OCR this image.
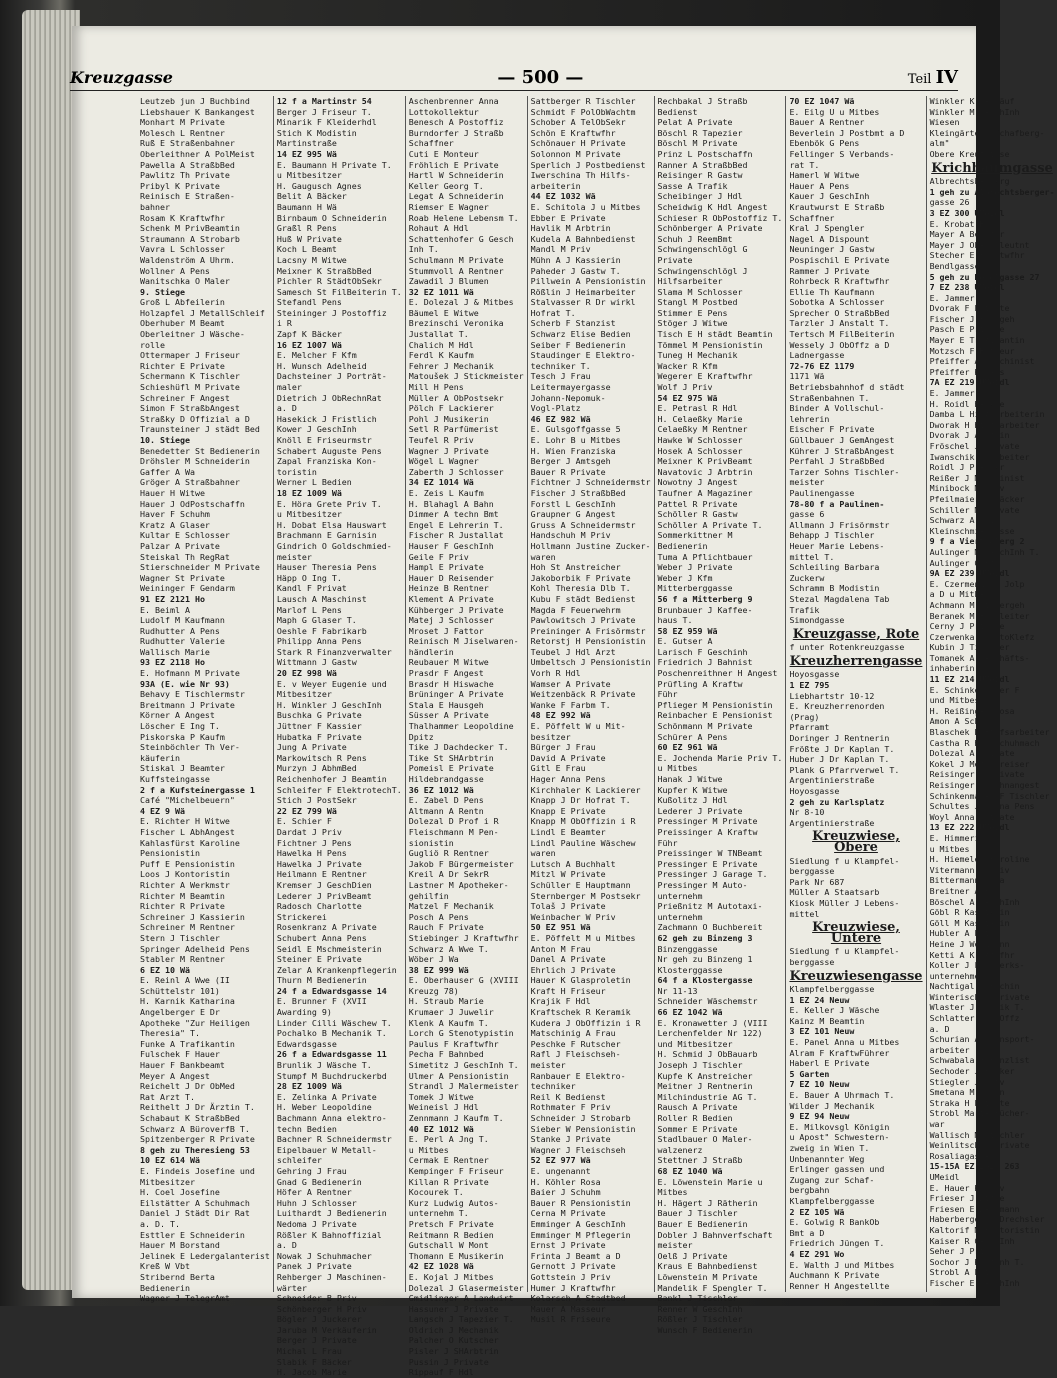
Kreuzgasse	— 500 —	Teil IV
Leutzeb jun J Buchbind
Liebshauer K Bankangest
Monhart M Private
Molesch L Rentner
Ruß E Straßenbahner
Oberleithner A PolMeist
Pawella A StraßbBed
Pawlitz Th Private
Pribyl K Private
Reinisch E Straßen-
bahner
Rosam K Kraftwfhr
Schenk M PrivBeamtin
Straumann A Strobarb
Vavra L Schlosser
Waldenström A Uhrm.
Wollner A Pens
Wanitschka O Maler
9. Stiege
Groß L Abfeilerin
Holzapfel J MetallSchleif
Oberhuber M Beamt
Oberleitner J Wäsche-
rolle
Ottermaper J Friseur
Richter E Private
Schermann K Tischler
Schieshüfl M Private
Schreiner F Angest
Simon F StraßbAngest
Straßky D Offizial a D
Traunsteiner J städt Bed
10. Stiege
Benedetter St Bedienerin
Dröhsler M Schneiderin
Gaffer A Wa
Gröger A Straßbahner
Hauer H Witwe
Hauer J OdPostschaffn
Haver F Schuhm
Kratz A Glaser
Kultar E Schlosser
Palzar A Private
Steiskal Th RegRat
Stierschneider M Private
Wagner St Private
Weininger F Gendarm
91 EZ 2121 Ho
E. Beiml A
Ludolf M Kaufmann
Rudhutter A Pens
Rudhutter Valerie
Wallisch Marie
93 EZ 2118 Ho
E. Hofmann M Private
93A (E. wie Nr 93)
Behavy E Tischlermstr
Breitmann J Private
Körner A Angest
Löscher E Ing T.
Piskorska P Kaufm
Steinböchler Th Ver-
käuferin
Stiskal J Beamter
Kuffsteingasse
2 f a Kufsteinergasse 1
Café "Michelbeuern"
4 EZ 9 Wä
E. Richter H Witwe
Fischer L AbhAngest
Kahlasfürst Karoline
Pensionistin
Puff E Pensionistin
Loos J Kontoristin
Richter A Werkmstr
Richter M Beamtin
Richter R Private
Schreiner J Kassierin
Schreiner M Rentner
Stern J Tischler
Springer Adelheid Pens
Stabler M Rentner
6 EZ 10 Wä
E. Reinl A Wwe (II
Schüttelstr 101)
H. Karnik Katharina
Angelberger E Dr
Apotheke "Zur Heiligen
Theresia" T.
Funke A Trafikantin
Fulschek F Hauer
Hauer F Bankbeamt
Meyer A Angest
Reichelt J Dr ObMed
Rat Arzt T.
Reithelt J Dr Ärztin T.
Schabaut K StraßbBed
Schwarz A BüroverfB T.
Spitzenberger R Private
8 geh zu Theresieng 53
10 EZ 614 Wä
E. Findeis Josefine und
Mitbesitzer
H. Coel Josefine
Eilstätter A Schuhmach
Daniel J Städt Dir Rat
a. D. T.
Esttler E Schneiderin
Hauer M Borstand
Jelinek E Ledergalanterist
Kreß W Vbt
Stribernd Berta
Bedienerin
Wagner J TelegrAmt
12 f a Martinstr 54
Berger J Friseur T.
Minarik F Kleiderhdl
Stich K Modistin
Martinstraße
14 EZ 995 Wä
E. Baumann H Private T.
u Mitbesitzer
H. Gaugusch Agnes
Belit A Bäcker
Baumann H Wä
Birnbaum O Schneiderin
Graßl R Pens
Huß W Private
Koch L Beamt
Lacsny M Witwe
Meixner K StraßbBed
Pichler R StädtObSekr
Samesch St FilBeiterin T.
Stefandl Pens
Steininger J Postoffiz
i R
Zapf K Bäcker
16 EZ 1007 Wä
E. Melcher F Kfm
H. Wunsch Adelheid
Dachsteiner J Porträt-
maler
Dietrich J ObRechnRat
a. D
Hasekick J Fristlich
Kower J GeschInh
Knöll E Friseurmstr
Schabert Auguste Pens
Zapal Franziska Kon-
toristin
Werner L Bedien
18 EZ 1009 Wä
E. Höra Grete Priv T.
u Mitbesitzer
H. Dobat Elsa Hauswart
Brachmann E Garnisin
Gindrich O Goldschmied-
meister
Hauser Theresia Pens
Häpp O Ing T.
Kandl F Privat
Lausch A Maschinst
Marlof L Pens
Maph G Glaser T.
Oeshle F Fabrikarb
Philipp Anna Pens
Stark R Finanzverwalter
Wittmann J Gastw
20 EZ 998 Wä
E. v Weyer Eugenie und
Mitbesitzer
H. Winkler J GeschInh
Buschka G Private
Jüttner F Kassier
Hubatka F Private
Jung A Private
Markowitsch R Pens
Murzyn J AbhmBed
Reichenhofer J Beamtin
Schleifer F ElektrotechT.
Stich J PostSekr
22 EZ 799 Wä
E. Schier F
Dardat J Priv
Fichtner J Pens
Hawelka H Pens
Hawelka J Private
Heilmann E Rentner
Kremser J GeschDien
Lederer J PrivBeamt
Radosch Charlotte
Strickerei
Rosenkranz A Private
Schubert Anna Pens
Seidl E Mschmeisterin
Steiner E Private
Zelar A Krankenpflegerin
Thurn M Bedienerin
24 f a Edwardsgasse 14
E. Brunner F (XVII
Awarding 9)
Linder Cilli Wäschew T.
Pochalko B Mechanik T.
Edwardsgasse
26 f a Edwardsgasse 11
Brunlik J Wäsche T.
Stumpf M Buchdruckerbd
28 EZ 1009 Wä
E. Zelinka A Private
H. Weber Leopoldine
Bachmann Anna elektro-
techn Bedien
Bachner R Schneidermstr
Eipelbauer W Metall-
schleifer
Gehring J Frau
Gnad G Bedienerin
Höfer A Rentner
Huhn J Schlosser
Luithardt J Bedienerin
Nedoma J Private
Rößler K Bahnoffizial
a. D
Nowak J Schuhmacher
Panek J Private
Rehberger J Maschinen-
wärter
Schneider B Priv
Schönberger H Priv
Bögler J Juckerer
Jaruba M Verkäuferin
Berger J Private
Michal L Frau
Slabik F Bäcker
H. Jacob Marie
Aschenbrenner Anna
Lottokollektur
Benesch A Postoffiz
Burndorfer J Straßb
Schaffner
Cuti E Monteur
Fröhlich E Private
Hartl W Schneiderin
Keller Georg T.
Legat A Schneiderin
Riemser E Wagner
Roab Helene Lebensm T.
Rohaut A Hdl
Schattenhofer G Gesch
Inh T.
Schulmann M Private
Stummvoll A Rentner
Zawadil J Blumen
32 EZ 1011 Wä
E. Dolezal J & Mitbes
Bäumel E Witwe
Brezinschi Veronika
Justallat T.
Chalich M Hdl
Ferdl K Kaufm
Fehrer J Mechanik
Matoušek J Stickmeister
Mill H Pens
Müller A ObPostsekr
Pölch F Lackierer
Pohl J Musikerin
Setl R Parfümerist
Teufel R Priv
Wagner J Private
Wögel L Wagner
Zaberth J Schlosser
34 EZ 1014 Wä
E. Zeis L Kaufm
H. Blahagl A Bahn
Dimmer A techn Bmt
Engel E Lehrerin T.
Fischer R Justallat
Hauser F GeschInh
Geile F Priv
Hampl E Private
Hauer D Reisender
Heinze B Rentner
Klement A Private
Kühberger J Private
Matej J Schlosser
Mroset J Fattor
Reinisch M Jiselwaren-
händlerin
Reubauer M Witwe
Prasdr F Angest
Brasdr H Hiswache
Brüninger A Private
Stala E Hausgeh
Süsser A Private
Thalhammer Leopoldine
Dpitz
Tike J Dachdecker T.
Tike St SHArbtrin
Pomeisl E Private
Hildebrandgasse
36 EZ 1012 Wä
E. Zabel D Pens
Altmann A Rentn
Dolezal D Prof i R
Fleischmann M Pen-
sionistin
Gugliö R Rentner
Jakob F Bürgermeister
Kreil A Dr SekrR
Lastner M Apotheker-
gehilfin
Matzel F Mechanik
Posch A Pens
Rauch F Private
Stiebinger J Kraftwfhr
Schwarz A Wwe T.
Wöber J Wa
38 EZ 999 Wä
E. Oberhauser G (XVIII
Kreuzg 78)
H. Straub Marie
Krumaer J Juwelir
Klenk A Kaufm T.
Lorch G Stenotypistin
Paulus F Kraftwfhr
Pecha F Bahnbed
Simetitz J GeschInh T.
Ulmer A Pensionistin
Strandl J Malermeister
Tomek J Witwe
Weineisl J Hdl
Zennmann J Kaufm T.
40 EZ 1012 Wä
E. Perl A Jng T.
u Mitbes
Cermak E Rentner
Kempinger F Friseur
Killan R Private
Kocourek T.
Kurz Ludwig Autos-
unternehm T.
Pretsch F Private
Reitmann R Bedien
Gutschall W Mont
Thomann E Musikerin
42 EZ 1028 Wä
E. Kojal J Mitbes
Dolezal J Glasermeister
Gmidlinger A Landwirt
Hassuner J Private
Langsch J Tapezier T.
Oldrich J Mechanik
Palcher O Kutscher
Pisler J SHArbtrin
Pussin J Private
Rippauf F Hdl
Sattberger R Tischler
Schmidt F PolObWachtm
Schober A TelObSekr
Schön E Kraftwfhr
Schönauer H Private
Solonnon M Private
Sperlich J Postbedienst
Iwerschina Th Hilfs-
arbeiterin
44 EZ 1032 Wä
E. Schitola J u Mitbes
Ebber E Private
Havlik M Arbtrin
Kudela A Bahnbedienst
Mandl M Priv
Mühn A J Kassierin
Paheder J Gastw T.
Pillwein A Pensionistin
Rößlin J Heimarbeiter
Stalvasser R Dr wirkl
Hofrat T.
Scherb F Stanzist
Schwarz Elise Bedien
Seiber F Bedienerin
Staudinger E Elektro-
techniker T.
Tesch J Frau
Leitermayergasse
Johann-Nepomuk-
Vogl-Platz
46 EZ 982 Wä
E. Gulsgoffgasse 5
E. Lohr B u Mitbes
H. Wien Franziska
Berger J Amtsgeh
Bauer R Private
Fichtner J Schneidermstr
Fischer J StraßbBed
Forstl L GeschInh
Graupner G Angest
Gruss A Schneidermstr
Handschuh M Priv
Hollmann Justine Zucker-
waren
Hoh St Anstreicher
Jakoborbik F Private
Kohl Theresia Dlb T.
Kubu F städt Bedienst
Magda F Feuerwehrm
Pawlowitsch J Private
Preininger A Frisörmstr
Retorstj H Pensionistin
Teubel J Hdl Arzt
Umbeltsch J Pensionistin
Vorh R Hdl
Wamser A Private
Weitzenbäck R Private
Wanke F Farbm T.
48 EZ 992 Wä
E. Pöffelt W u Mit-
besitzer
Bürger J Frau
David A Private
Gitl E Frau
Hager Anna Pens
Kirchhaler K Lackierer
Knapp J Dr Hofrat T.
Knapp E Private
Knapp M ObOffizin i R
Lindl E Beamter
Lindl Pauline Wäschew
waren
Lutsch A Buchhalt
Mitzl W Private
Schüller E Hauptmann
Sternberger M Postsekr
Tolaš J Private
Weinbacher W Priv
50 EZ 951 Wä
E. Pöffelt M u Mitbes
Anton M Frau
Danel A Private
Ehrlich J Private
Hauer K Glasproletin
Kraft H Friseur
Krajik F Hdl
Kraftschek R Keramik
Kudera J ObOffizin i R
Matschinig A Frau
Peschke F Rutscher
Rafl J Fleischseh-
meister
Ranbauer E Elektro-
techniker
Reil K Bedienst
Rothmater F Priv
Schneider J Strobarb
Sieber W Pensionistin
Stanke J Private
Wagner J Fleischseh
52 EZ 977 Wä
E. ungenannt
H. Köhler Rosa
Baier J Schuhm
Bauer R Pensionistin
Cerna M Private
Emminger A GeschInh
Emminger M Pflegerin
Ernst J Private
Frinta J Beamt a D
Gernott J Private
Gottstein J Priv
Humer J Kraftwfhr
Kolarsch A Stadtbed
Mauer A Masseur
Musil R Friseure
Rechbakal J Straßb
Bedienst
Pelat A Private
Böschl R Tapezier
Böschl M Private
Prinz L Postschaffn
Ranner A StraßbBed
Reisinger R Gastw
Sasse A Trafik
Scheibinger J Hdl
Scheidwig K Hdl Angest
Schieser R ObPostoffiz T.
Schönberger A Private
Schuh J ReemBmt
Schwingenschlögl G
Private
Schwingenschlögl J
Hilfsarbeiter
Slama M Schlosser
Stangl M Postbed
Stimmer E Pens
Stöger J Witwe
Tisch E H städt Beamtin
Tömmel M Pensionistin
Tuneg H Mechanik
Wacker R Kfm
Wegerer E Kraftwfhr
Wolf J Priv
54 EZ 975 Wä
E. Petrasl R Hdl
H. Celaeßky Marie
Celaeßky M Rentner
Hawke W Schlosser
Hosek A Schlosser
Meixner K PrivBeamt
Navatovic J Arbtrin
Nowotny J Angest
Taufner A Magaziner
Pattel R Private
Schöller R Gastw
Schöller A Private T.
Sommerkittner M
Bedienerin
Tuma A Pflichtbauer
Weber J Private
Weber J Kfm
Mitterberggasse
56 f a Mitterberg 9
Brunbauer J Kaffee-
haus T.
58 EZ 959 Wä
E. Gutser A
Larisch F Geschinh
Friedrich J Bahnist
Poschenreithner H Angest
Prüfling A Kraftw
Führ
Pflieger M Pensionistin
Reinbacher E Pensionist
Schönmann M Private
Schürer A Pens
60 EZ 961 Wä
E. Jochenda Marie Priv T.
u Mitbes
Hanak J Witwe
Kupfer K Witwe
Kußolitz J Hdl
Lederer J Private
Pressinger M Private
Preissinger A Kraftw
Führ
Preissinger W TNBeamt
Pressinger E Private
Pressinger J Garage T.
Pressinger M Auto-
unternehm
Prießnitz M Autotaxi-
unternehm
Zachmann O Buchbereit
62 geh zu Binzeng 3
Binzenggasse
Nr geh zu Binzeng 1
Klosterggasse
64 f a Klostergasse
Nr 11-13
Schneider Wäschemstr
66 EZ 1042 Wä
E. Kronawetter J (VIII
Lerchenfelder Nr 122)
und Mitbesitzer
H. Schmid J ObBauarb
Joseph J Tischler
Kupfe K Anstreicher
Meitner J Rentnerin
Milchindustrie AG T.
Rausch A Private
Roller R Bedien
Sommer E Private
Stadlbauer O Maler-
walzenerz
Stettner J Straßb
68 EZ 1040 Wä
E. Löwenstein Marie u
Mitbes
H. Hägert J Rätherin
Bauer J Tischler
Bauer E Bedienerin
Dobler J Bahnverfschaft
meister
Oelß J Private
Kraus E Bahnbedienst
Löwenstein M Private
Mandelik F Spengler T.
Bankl J Tischler
Renner W GeschInh
Rößler J Tischler
Wunsch F Bedienerin
70 EZ 1047 Wä
E. Eilg U u Mitbes
Bauer A Rentner
Beverlein J Postbmt a D
Ebenbök G Pens
Fellinger S Verbands-
rat T.
Hamerl W Witwe
Hauer A Pens
Kauer J GeschInh
Krautwurst E Straßb
Schaffner
Kral J Spengler
Nagel A Dispount
Neuninger J Gastw
Pospischil E Private
Rammer J Private
Rohrbeck R Kraftwfhr
Ellie Th Kaufmann
Sobotka A Schlosser
Sprecher O StraßbBed
Tarzler J Anstalt T.
Tertsch M FilBeiterin
Wessely J ObOffz a D
Ladnergasse
72-76 EZ 1179
1171 Wä
Betriebsbahnhof d städt
Straßenbahnen T.
Binder A Vollschul-
lehrerin
Eischer F Private
Güllbauer J GemAngest
Kührer J StraßbAngest
Perfahl J StraßbBed
Tarzer Sohns Tischler-
meister
Paulinengasse
78-80 f a Paulinen-
gasse 6
Allmann J Frisörmstr
Behapp J Tischler
Heuer Marie Lebens-
mittel T.
Schleiling Barbara
Zuckerw
Schramm B Modistin
Stezal Magdalena Tab
Trafik
Simondgasse
Kreuzgasse, Rote
f unter Rotenkreuzgasse
Kreuzherrengasse
Hoyosgasse
1 EZ 795
Liebhartstr 10-12
E. Kreuzherrenorden
(Prag)
Pfarramt
Doringer J Rentnerin
Frößte J Dr Kaplan T.
Huber J Dr Kaplan T.
Plank G Pfarrverwel T.
Argentinierstraße
Hoyosgasse
2 geh zu Karlsplatz
Nr 8-10
Argentinierstraße
Kreuzwiese, Obere
Siedlung f u Klampfel-
berggasse
Park Nr 687
Müller A Staatsarb
Kiosk Müller J Lebens-
mittel
Kreuzwiese, Untere
Siedlung f u Klampfel-
berggasse
Kreuzwiesengasse
Klampfelberggasse
1 EZ 24 Neuw
E. Keller J Wäsche
Kainz M Beamtin
3 EZ 101 Neuw
E. Panel Anna u Mitbes
Alram F KraftwFührer
Haberl E Private
5 Garten
7 EZ 10 Neuw
E. Bauer A Uhrmach T.
Wilder J Mechanik
9 EZ 94 Neuw
E. Milkovsgl Königin
u Apost" Schwestern-
zweig in Wien T.
Unbenannter Weg
Erlinger gassen und
Zugang zur Schaf-
bergbahn
Klampfelberggasse
2 EZ 105 Wä
E. Golwig R BankOb
Bmt a D
Friedrich Jüngen T.
4 EZ 291 Wo
E. Walth J und Mitbes
Auchmann K Private
Renner H Angestellte
Winkler K Verkäuf
Winkler M GeschInh
Wiesen
Kleingärten "Schafberg-
alm"
Obere Kreuzwiese
Krichbaumgasse
Albrechtsbergerg
1 geh zu Albrechtsberger-
gasse 26
3 EZ 300 UMeidl
E. Krobat F
Mayer A Beamter
Mayer J Oberstleutnt
Stecher E Kraftwfhr
Bendlgasse
5 geh zu Bendlgasse 27
7 EZ 238 UMeidl
E. Jammer O
Dvorak F Private
Fischer J Bürogeh
Pasch E Private
Mayer E Trafikantin
Motzsch F Friseur
Pfeiffer A Maschinist
Pfeiffer K Pens
7A EZ 219 UMeidl
E. Jammer O
H. Roidl Helene
Damba L Hilfsarbeiterin
Dworak H Hilfsarbeiter
Dvorak J Arbtrin
Fröschel J Private
Iwanschik M Arbeiter
Roidl J Presser
Reißer J Maschinist
Minibock M Priv
Pfeilmaier J Bäcker
Schiller M Private
Schwarz A Priv
Kleinschmiedgasse
9 f a Vierthalerg 2
Aulinger M GeschInh T.
Aulinger G Kfm
9A EZ 239 UMeidl
E. Czermenka J Jolp
a D u Mitbes
Achmann M Zimmergeh
Beranek M Hausleiter
Cerny J Private
Czerwenka R AutoKlefz
Kubin J Tischler
Tomanek A Geschäfts-
inhaberin
11 EZ 214 UMeidl
E. Schinkenmayer F
und Mitbes
H. Reißinger Rosa
Amon A Schuhm
Blaschek B Hilfsarbeiter
Castha R Handschuhmach
Dolezal A Private
Kokel J Metallreiser
Reisinger A Private
Reisinger J Bahnangest
Schinkenmayer F Tischler
Schultes Johanna Pens
Woyl Anna Private
13 EZ 222 UMeidl
E. Himmerich O
u Mitbes
H. Hiemeler Karoline
Vitermann A Priv
Bittermann A Wa
Breitner A Kfm
Böschel A GeschInh
Göbl R Kassierin
Göll M Kassierin
Hubler A Priv
Heine J Werkmann
Ketti A Kraftwfhr
Koller J Fuhrwerks-
unternehmer
Nachtigal A Köchin
Winterisch A Private
Wlaster J Trafik T.
Schlatter A ObOffz
a. D
Schurian A Transport-
arbeiter
Schwabala E Kanzlist
Sechoder J Bäcker
Stiegler J Priv
Smetana M ArbIn
Straka H Private
Strobl Marie Bücher-
war
Wallisch M Tischler
Weinlitsch A Private
Rosaliagasse
15-15A EZ 262, 263
UMeidl
E. Hauer K Priv
Frieser J Witwe
Friesen E Werkmann
Haberberger J Drechsler
Kaltorif M Kontoristin
Kaiser R GeschInh
Seher J Priv
Sochor J KaufInh T.
Strobl A Priv
Fischer E GeschInh
